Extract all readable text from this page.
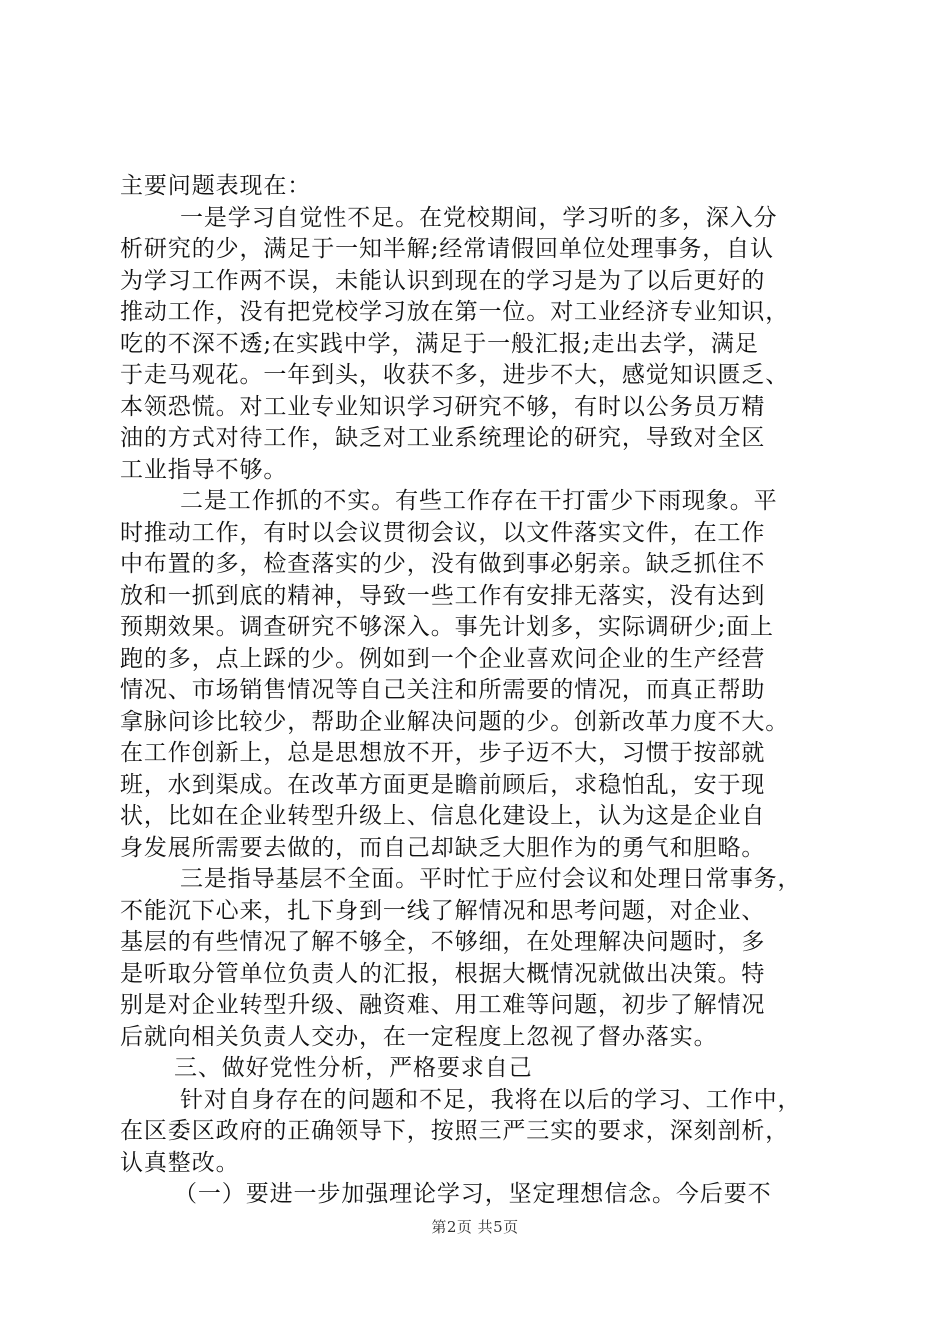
主要问题表现在：
一是学习自觉性不足。在党校期间，学习听的多，深入分
析研究的少，满足于一知半解;经常请假回单位处理事务，自认
为学习工作两不误，未能认识到现在的学习是为了以后更好的
推动工作，没有把党校学习放在第一位。对工业经济专业知识，
吃的不深不透;在实践中学，满足于一般汇报;走出去学，满足
于走马观花。一年到头，收获不多，进步不大，感觉知识匮乏、
本领恐慌。对工业专业知识学习研究不够，有时以公务员万精
油的方式对待工作，缺乏对工业系统理论的研究，导致对全区
工业指导不够。
二是工作抓的不实。有些工作存在干打雷少下雨现象。平
时推动工作，有时以会议贯彻会议，以文件落实文件，在工作
中布置的多，检查落实的少，没有做到事必躬亲。缺乏抓住不
放和一抓到底的精神，导致一些工作有安排无落实，没有达到
预期效果。调查研究不够深入。事先计划多，实际调研少;面上
跑的多，点上踩的少。例如到一个企业喜欢问企业的生产经营
情况、市场销售情况等自己关注和所需要的情况，而真正帮助
拿脉问诊比较少，帮助企业解决问题的少。创新改革力度不大。
在工作创新上，总是思想放不开，步子迈不大，习惯于按部就
班，水到渠成。在改革方面更是瞻前顾后，求稳怕乱，安于现
状，比如在企业转型升级上、信息化建设上，认为这是企业自
身发展所需要去做的，而自己却缺乏大胆作为的勇气和胆略。
三是指导基层不全面。平时忙于应付会议和处理日常事务，
不能沉下心来，扎下身到一线了解情况和思考问题，对企业、
基层的有些情况了解不够全，不够细，在处理解决问题时，多
是听取分管单位负责人的汇报，根据大概情况就做出决策。特
别是对企业转型升级、融资难、用工难等问题，初步了解情况
后就向相关负责人交办，在一定程度上忽视了督办落实。
三、做好党性分析，严格要求自己
针对自身存在的问题和不足，我将在以后的学习、工作中，
在区委区政府的正确领导下，按照三严三实的要求，深刻剖析，
认真整改。
（一）要进一步加强理论学习，坚定理想信念。今后要不
第2页 共5页
